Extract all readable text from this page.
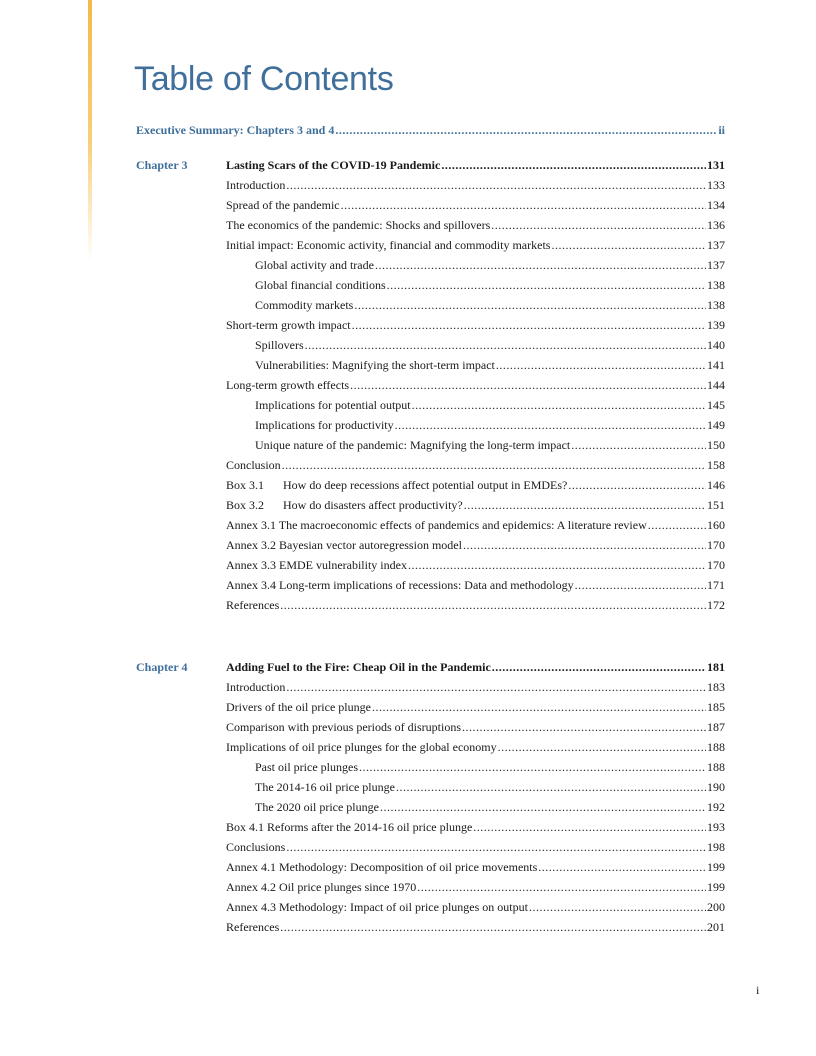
Table of Contents
Executive Summary: Chapters 3 and 4 .....	ii
Chapter 3	Lasting Scars of the COVID-19 Pandemic .....	131
Introduction .....	133
Spread of the pandemic .....	134
The economics of the pandemic: Shocks and spillovers .....	136
Initial impact: Economic activity, financial and commodity markets .....	137
Global activity and trade .....	137
Global financial conditions .....	138
Commodity markets .....	138
Short-term growth impact .....	139
Spillovers .....	140
Vulnerabilities: Magnifying the short-term impact .....	141
Long-term growth effects .....	144
Implications for potential output .....	145
Implications for productivity .....	149
Unique nature of the pandemic: Magnifying the long-term impact .....	150
Conclusion .....	158
Box 3.1 How do deep recessions affect potential output in EMDEs? .....	146
Box 3.2 How do disasters affect productivity? .....	151
Annex 3.1 The macroeconomic effects of pandemics and epidemics: A literature review .....	160
Annex 3.2 Bayesian vector autoregression model .....	170
Annex 3.3 EMDE vulnerability index .....	170
Annex 3.4 Long-term implications of recessions: Data and methodology .....	171
References .....	172
Chapter 4	Adding Fuel to the Fire: Cheap Oil in the Pandemic .....	181
Introduction .....	183
Drivers of the oil price plunge .....	185
Comparison with previous periods of disruptions .....	187
Implications of oil price plunges for the global economy .....	188
Past oil price plunges .....	188
The 2014-16 oil price plunge .....	190
The 2020 oil price plunge .....	192
Box 4.1 Reforms after the 2014-16 oil price plunge .....	193
Conclusions .....	198
Annex 4.1 Methodology: Decomposition of oil price movements .....	199
Annex 4.2 Oil price plunges since 1970 .....	199
Annex 4.3 Methodology: Impact of oil price plunges on output .....	200
References .....	201
i
